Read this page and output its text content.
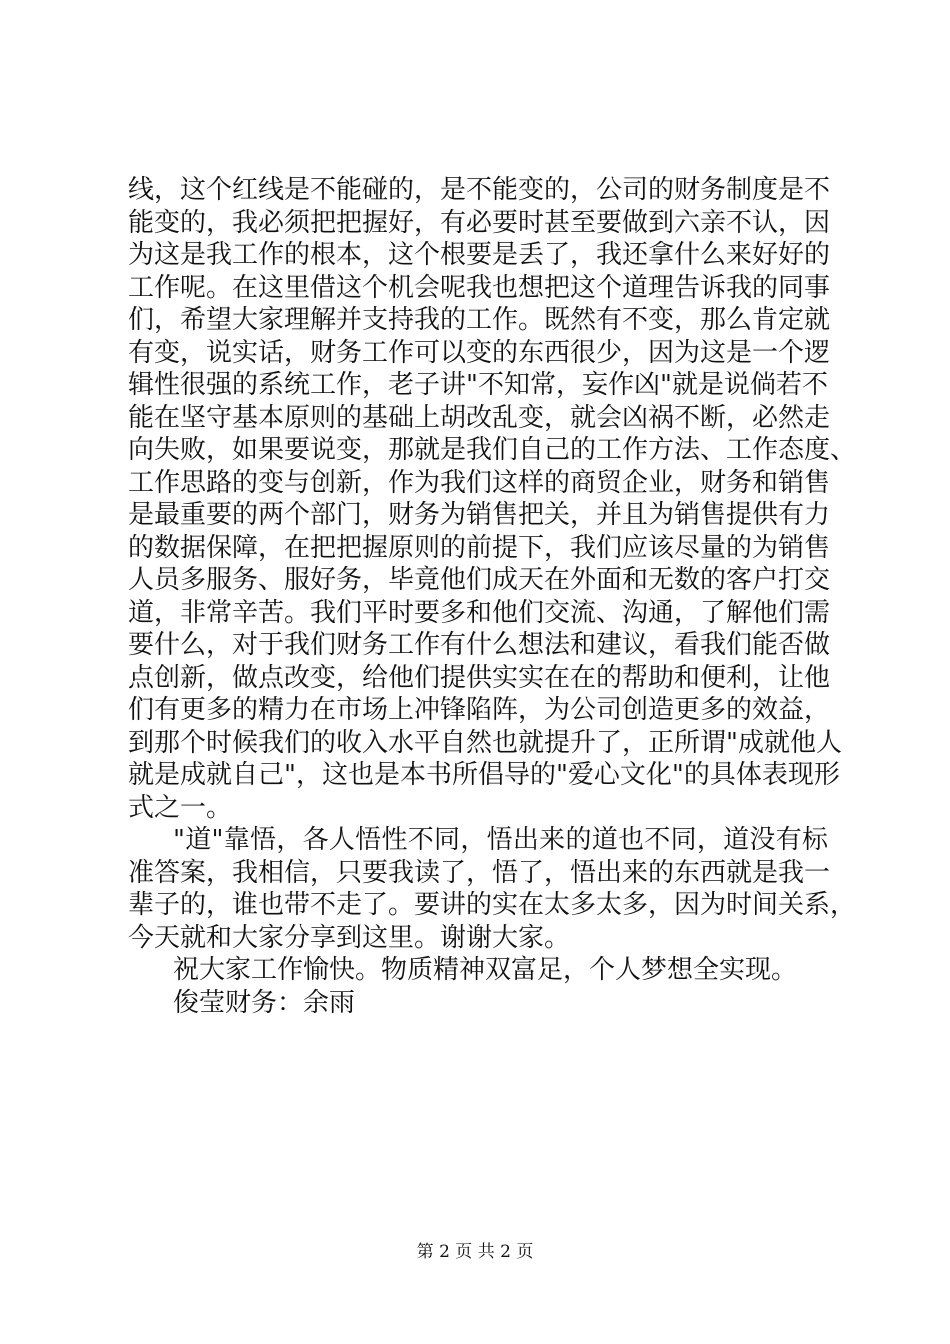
线，这个红线是不能碰的，是不能变的，公司的财务制度是不
能变的，我必须把把握好，有必要时甚至要做到六亲不认，因
为这是我工作的根本，这个根要是丢了，我还拿什么来好好的
工作呢。在这里借这个机会呢我也想把这个道理告诉我的同事
们，希望大家理解并支持我的工作。既然有不变，那么肯定就
有变，说实话，财务工作可以变的东西很少，因为这是一个逻
辑性很强的系统工作，老子讲"不知常，妄作凶"就是说倘若不
能在坚守基本原则的基础上胡改乱变，就会凶祸不断，必然走
向失败，如果要说变，那就是我们自己的工作方法、工作态度、
工作思路的变与创新，作为我们这样的商贸企业，财务和销售
是最重要的两个部门，财务为销售把关，并且为销售提供有力
的数据保障，在把把握原则的前提下，我们应该尽量的为销售
人员多服务、服好务，毕竟他们成天在外面和无数的客户打交
道，非常辛苦。我们平时要多和他们交流、沟通，了解他们需
要什么，对于我们财务工作有什么想法和建议，看我们能否做
点创新，做点改变，给他们提供实实在在的帮助和便利，让他
们有更多的精力在市场上冲锋陷阵，为公司创造更多的效益，
到那个时候我们的收入水平自然也就提升了，正所谓"成就他人
就是成就自己"，这也是本书所倡导的"爱心文化"的具体表现形
式之一。
"道"靠悟，各人悟性不同，悟出来的道也不同，道没有标
准答案，我相信，只要我读了，悟了，悟出来的东西就是我一
辈子的，谁也带不走了。要讲的实在太多太多，因为时间关系，
今天就和大家分享到这里。谢谢大家。
祝大家工作愉快。物质精神双富足，个人梦想全实现。
俊莹财务：余雨
第 2 页 共 2 页
